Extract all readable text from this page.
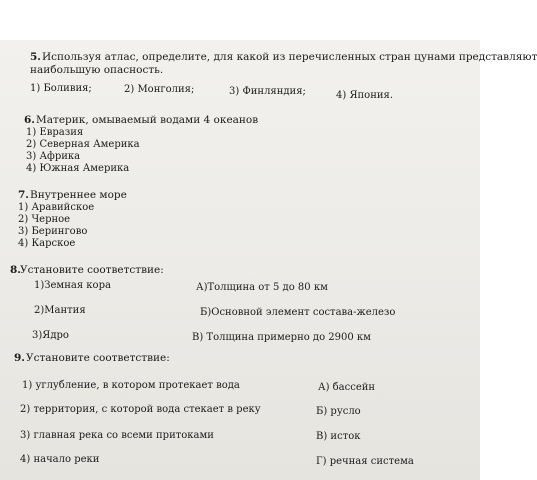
5. Используя атлас, определите, для какой из перечисленных стран цунами представляют
наибольшую опасность.
1) Боливия;	2) Монголия;	3) Финляндия;	4) Япония.
6. Материк, омываемый водами 4 океанов
1) Евразия
2) Северная Америка
3) Африка
4) Южная Америка
7. Внутреннее море
1) Аравийское
2) Черное
3) Берингово
4) Карское
8. Установите соответствие:
1)Земная кора	А)Толщина от 5 до 80 км
2)Мантия	Б)Основной элемент состава-железо
3)Ядро	В) Толщина примерно до 2900 км
9. Установите соответствие:
1) углубление, в котором протекает вода	А) бассейн
2) территория, с которой вода стекает в реку	Б) русло
3) главная река со всеми притоками	В) исток
4) начало реки	Г) речная система
